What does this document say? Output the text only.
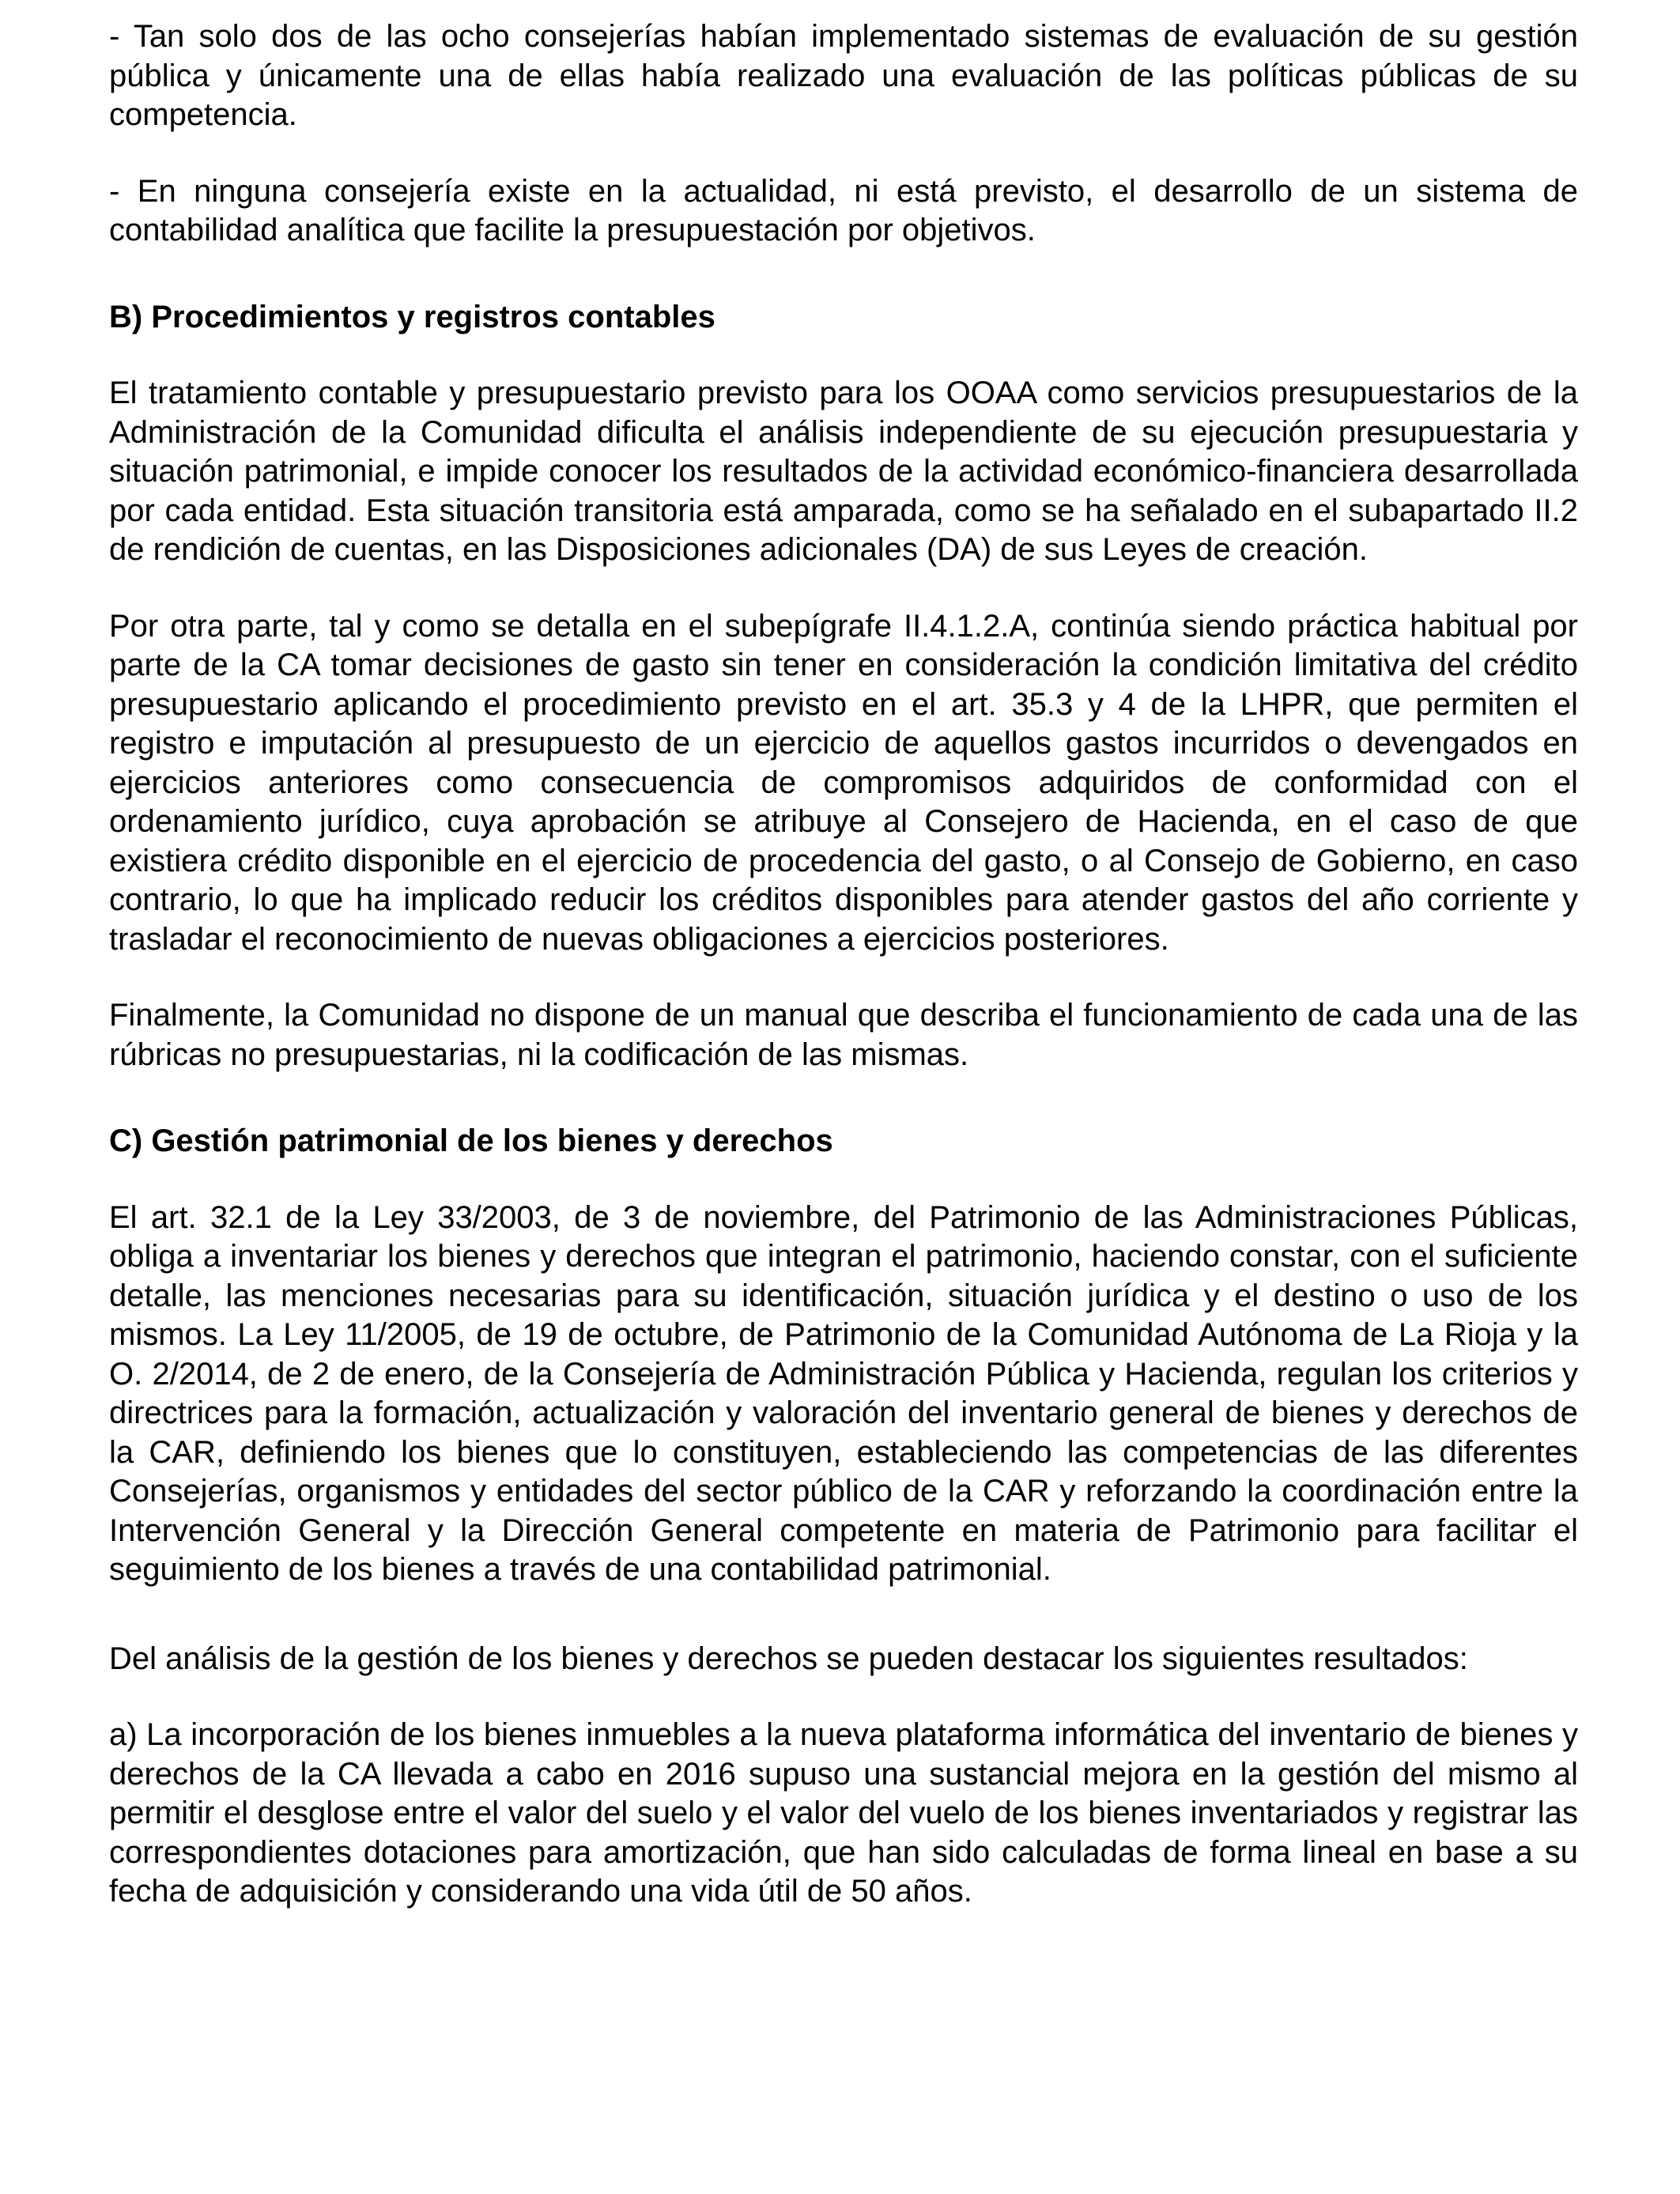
- Tan solo dos de las ocho consejerías habían implementado sistemas de evaluación de su gestión pública y únicamente una de ellas había realizado una evaluación de las políticas públicas de su competencia.

- En ninguna consejería existe en la actualidad, ni está previsto, el desarrollo de un sistema de contabilidad analítica que facilite la presupuestación por objetivos.

B) Procedimientos y registros contables

El tratamiento contable y presupuestario previsto para los OOAA como servicios presupuestarios de la Administración de la Comunidad dificulta el análisis independiente de su ejecución presupuestaria y situación patrimonial, e impide conocer los resultados de la actividad económico-financiera desarrollada por cada entidad. Esta situación transitoria está amparada, como se ha señalado en el subapartado II.2 de rendición de cuentas, en las Disposiciones adicionales (DA) de sus Leyes de creación.

Por otra parte, tal y como se detalla en el subepígrafe II.4.1.2.A, continúa siendo práctica habitual por parte de la CA tomar decisiones de gasto sin tener en consideración la condición limitativa del crédito presupuestario aplicando el procedimiento previsto en el art. 35.3 y 4 de la LHPR, que permiten el registro e imputación al presupuesto de un ejercicio de aquellos gastos incurridos o devengados en ejercicios anteriores como consecuencia de compromisos adquiridos de conformidad con el ordenamiento jurídico, cuya aprobación se atribuye al Consejero de Hacienda, en el caso de que existiera crédito disponible en el ejercicio de procedencia del gasto, o al Consejo de Gobierno, en caso contrario, lo que ha implicado reducir los créditos disponibles para atender gastos del año corriente y trasladar el reconocimiento de nuevas obligaciones a ejercicios posteriores.

Finalmente, la Comunidad no dispone de un manual que describa el funcionamiento de cada una de las rúbricas no presupuestarias, ni la codificación de las mismas.

C) Gestión patrimonial de los bienes y derechos

El art. 32.1 de la Ley 33/2003, de 3 de noviembre, del Patrimonio de las Administraciones Públicas, obliga a inventariar los bienes y derechos que integran el patrimonio, haciendo constar, con el suficiente detalle, las menciones necesarias para su identificación, situación jurídica y el destino o uso de los mismos. La Ley 11/2005, de 19 de octubre, de Patrimonio de la Comunidad Autónoma de La Rioja y la O. 2/2014, de 2 de enero, de la Consejería de Administración Pública y Hacienda, regulan los criterios y directrices para la formación, actualización y valoración del inventario general de bienes y derechos de la CAR, definiendo los bienes que lo constituyen, estableciendo las competencias de las diferentes Consejerías, organismos y entidades del sector público de la CAR y reforzando la coordinación entre la Intervención General y la Dirección General competente en materia de Patrimonio para facilitar el seguimiento de los bienes a través de una contabilidad patrimonial.

Del análisis de la gestión de los bienes y derechos se pueden destacar los siguientes resultados:

a) La incorporación de los bienes inmuebles a la nueva plataforma informática del inventario de bienes y derechos de la CA llevada a cabo en 2016 supuso una sustancial mejora en la gestión del mismo al permitir el desglose entre el valor del suelo y el valor del vuelo de los bienes inventariados y registrar las correspondientes dotaciones para amortización, que han sido calculadas de forma lineal en base a su fecha de adquisición y considerando una vida útil de 50 años.
